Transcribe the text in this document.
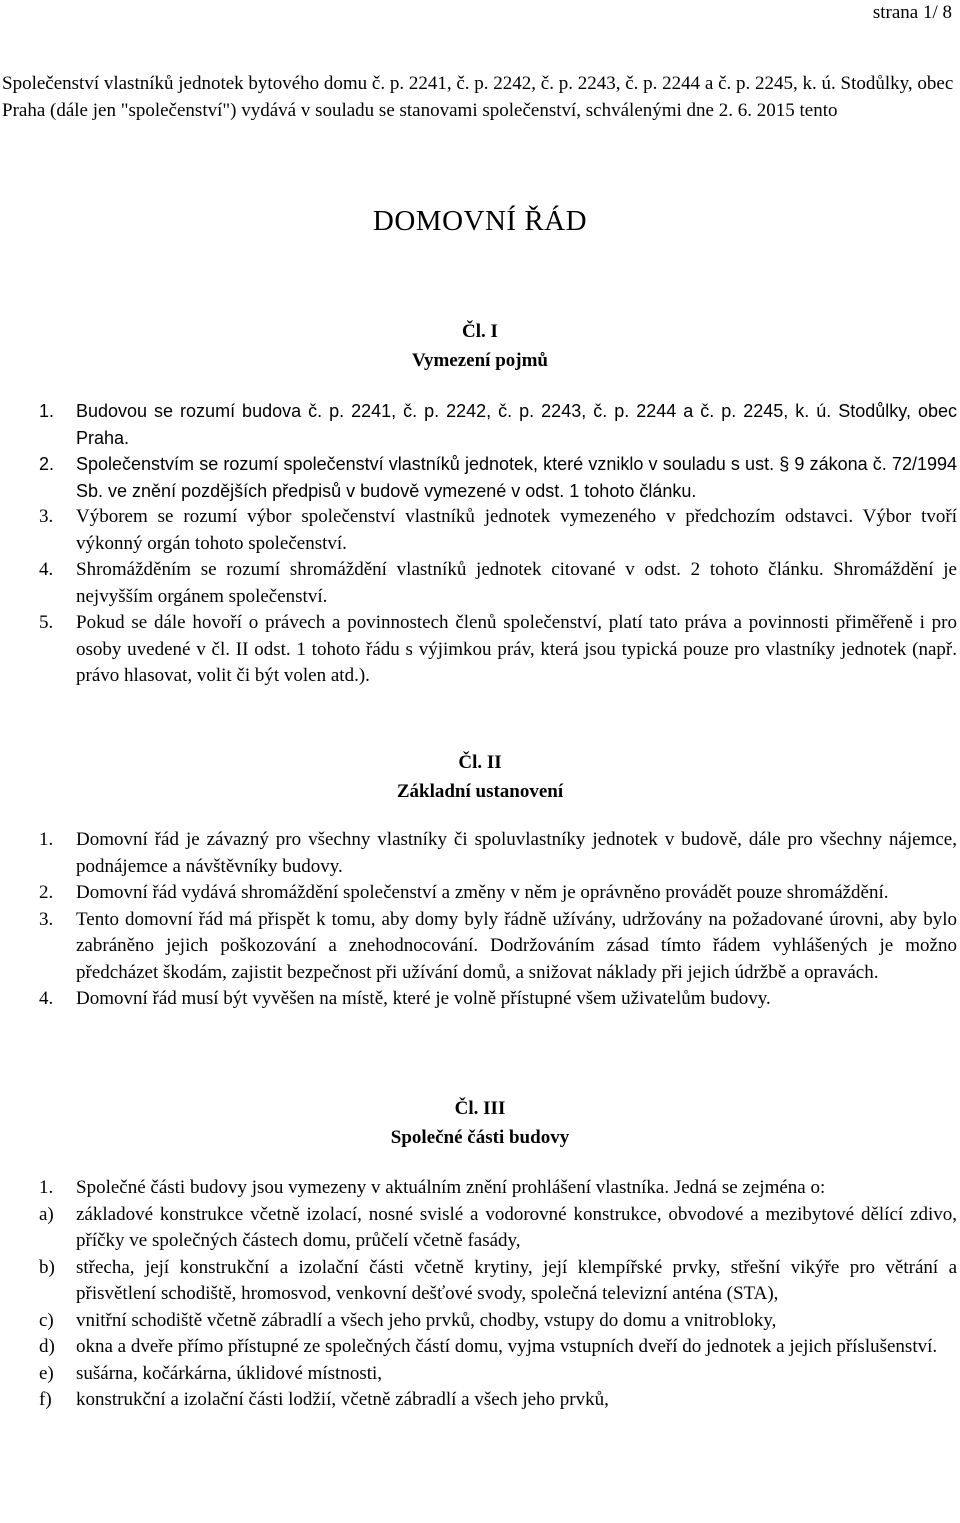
strana 1/ 8
Společenství vlastníků jednotek bytového domu č. p. 2241, č. p. 2242, č. p. 2243, č. p. 2244 a č. p. 2245, k. ú. Stodůlky, obec Praha (dále jen "společenství") vydává v souladu se stanovami společenství, schválenými dne 2. 6. 2015 tento
DOMOVNÍ ŘÁD
Čl. I
Vymezení pojmů
1.	Budovou se rozumí budova č. p. 2241, č. p. 2242, č. p. 2243, č. p. 2244 a č. p. 2245, k. ú. Stodůlky, obec Praha.
2.	Společenstvím se rozumí společenství vlastníků jednotek, které vzniklo v souladu s ust. § 9 zákona č. 72/1994 Sb. ve znění pozdějších předpisů v budově vymezené v odst. 1 tohoto článku.
3.	Výborem se rozumí výbor společenství vlastníků jednotek vymezeného v předchozím odstavci. Výbor tvoří výkonný orgán tohoto společenství.
4.	Shromážděním se rozumí shromáždění vlastníků jednotek citované v odst. 2 tohoto článku. Shromáždění je nejvyšším orgánem společenství.
5.	Pokud se dále hovoří o právech a povinnostech členů společenství, platí tato práva a povinnosti přiměřeně i pro osoby uvedené v čl. II odst. 1 tohoto řádu s výjimkou práv, která jsou typická pouze pro vlastníky jednotek (např. právo hlasovat, volit či být volen atd.).
Čl. II
Základní ustanovení
1.	Domovní řád je závazný pro všechny vlastníky či spoluvlastníky jednotek v budově, dále pro všechny nájemce, podnájemce a návštěvníky budovy.
2.	Domovní řád vydává shromáždění společenství a změny v něm je oprávněno provádět pouze shromáždění.
3.	Tento domovní řád má přispět k tomu, aby domy byly řádně užívány, udržovány na požadované úrovni, aby bylo zabráněno jejich poškozování a znehodnocování. Dodržováním zásad tímto řádem vyhlášených je možno předcházet škodám, zajistit bezpečnost při užívání domů, a snižovat náklady při jejich údržbě a opravách.
4.	Domovní řád musí být vyvěšen na místě, které je volně přístupné všem uživatelům budovy.
Čl. III
Společné části budovy
1.	Společné části budovy jsou vymezeny v aktuálním znění prohlášení vlastníka. Jedná se zejména o:
a)	základové konstrukce včetně izolací, nosné svislé a vodorovné konstrukce, obvodové a mezibytové dělící zdivo, příčky ve společných částech domu, průčelí včetně fasády,
b)	střecha, její konstrukční a izolační části včetně krytiny, její klempířské prvky, střešní vikýře pro větrání a přisvětlení schodiště, hromosvod, venkovní dešťové svody, společná televizní anténa (STA),
c)	vnitřní schodiště včetně zábradlí a všech jeho prvků, chodby, vstupy do domu a vnitrobloky,
d)	okna a dveře přímo přístupné ze společných částí domu, vyjma vstupních dveří do jednotek a jejich příslušenství.
e)	sušárna, kočárkárna, úklidové místnosti,
f)	konstrukční a izolační části lodžií, včetně zábradlí a všech jeho prvků,
